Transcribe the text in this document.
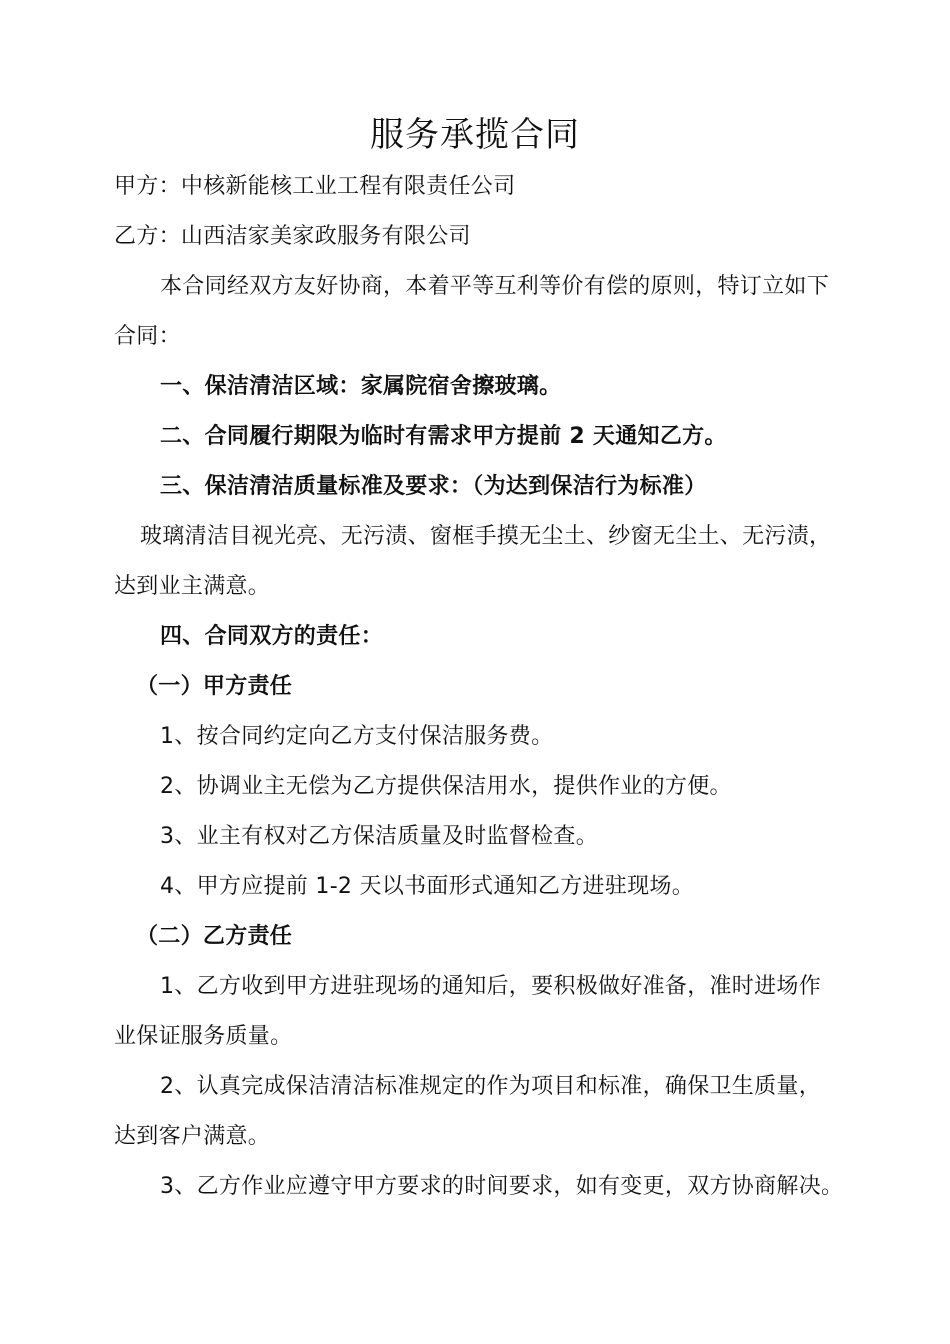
服务承揽合同
甲方：中核新能核工业工程有限责任公司
乙方：山西洁家美家政服务有限公司
本合同经双方友好协商，本着平等互利等价有偿的原则，特订立如下
合同：
一、保洁清洁区域：家属院宿舍擦玻璃。
二、合同履行期限为临时有需求甲方提前 2 天通知乙方。
三、保洁清洁质量标准及要求：（为达到保洁行为标准）
玻璃清洁目视光亮、无污渍、窗框手摸无尘土、纱窗无尘土、无污渍，
达到业主满意。
四、合同双方的责任：
（一）甲方责任
1、按合同约定向乙方支付保洁服务费。
2、协调业主无偿为乙方提供保洁用水，提供作业的方便。
3、业主有权对乙方保洁质量及时监督检查。
4、甲方应提前 1-2 天以书面形式通知乙方进驻现场。
（二）乙方责任
1、乙方收到甲方进驻现场的通知后，要积极做好准备，准时进场作
业保证服务质量。
2、认真完成保洁清洁标准规定的作为项目和标准，确保卫生质量，
达到客户满意。
3、乙方作业应遵守甲方要求的时间要求，如有变更，双方协商解决。
